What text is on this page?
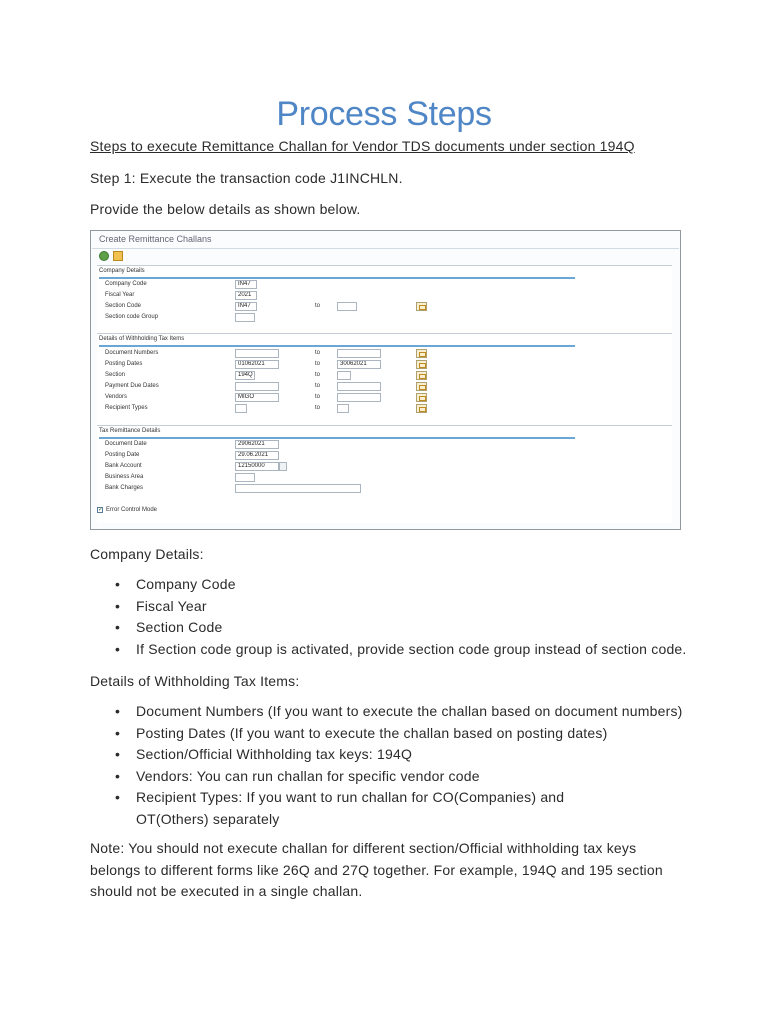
Process Steps
Steps to execute Remittance Challan for Vendor TDS documents under section 194Q
Step 1: Execute the transaction code J1INCHLN.
Provide the below details as shown below.
Create Remittance Challans
Company Details
Company Code	IN47
Fiscal Year	2021
Section Code	IN47	to
Section code Group
Details of Withholding Tax Items
Document Numbers	to
Posting Dates	01062021	to	30062021
Section	194Q	to
Payment Due Dates	to
Vendors	MIGO	to
Recipient Types	to
Tax Remittance Details
Document Date	29062021
Posting Date	29.06.2021
Bank Account	12150000
Business Area
Bank Charges
✓ Error Control Mode
Company Details:
• Company Code
• Fiscal Year
• Section Code
• If Section code group is activated, provide section code group instead of section code.
Details of Withholding Tax Items:
• Document Numbers (If you want to execute the challan based on document numbers)
• Posting Dates (If you want to execute the challan based on posting dates)
• Section/Official Withholding tax keys: 194Q
• Vendors: You can run challan for specific vendor code
• Recipient Types: If you want to run challan for CO(Companies) and OT(Others) separately
Note: You should not execute challan for different section/Official withholding tax keys belongs to different forms like 26Q and 27Q together. For example, 194Q and 195 section should not be executed in a single challan.
